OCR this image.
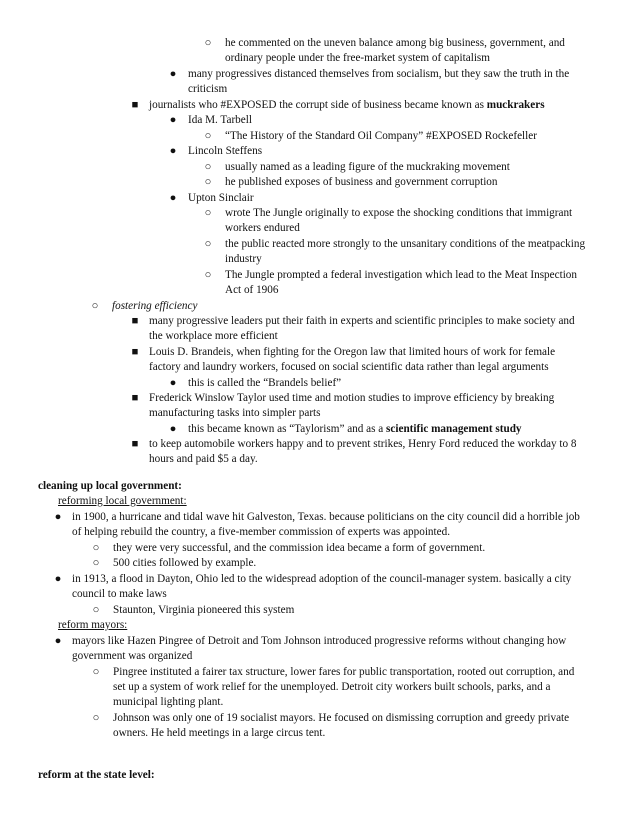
○ he commented on the uneven balance among big business, government, and
ordinary people under the free-market system of capitalism
● many progressives distanced themselves from socialism, but they saw the truth in the
criticism
■ journalists who #EXPOSED the corrupt side of business became known as muckrakers
● Ida M. Tarbell
○ “The History of the Standard Oil Company” #EXPOSED Rockefeller
● Lincoln Steffens
○ usually named as a leading figure of the muckraking movement
○ he published exposes of business and government corruption
● Upton Sinclair
○ wrote The Jungle originally to expose the shocking conditions that immigrant
workers endured
○ the public reacted more strongly to the unsanitary conditions of the meatpacking
industry
○ The Jungle prompted a federal investigation which lead to the Meat Inspection
Act of 1906
○ fostering efficiency
■ many progressive leaders put their faith in experts and scientific principles to make society and
the workplace more efficient
■ Louis D. Brandeis, when fighting for the Oregon law that limited hours of work for female
factory and laundry workers, focused on social scientific data rather than legal arguments
● this is called the “Brandels belief”
■ Frederick Winslow Taylor used time and motion studies to improve efficiency by breaking
manufacturing tasks into simpler parts
● this became known as “Taylorism” and as a scientific management study
■ to keep automobile workers happy and to prevent strikes, Henry Ford reduced the workday to 8
hours and paid $5 a day.
cleaning up local government:
reforming local government:
● in 1900, a hurricane and tidal wave hit Galveston, Texas. because politicians on the city council did a horrible job
of helping rebuild the country, a five-member commission of experts was appointed.
○ they were very successful, and the commission idea became a form of government.
○ 500 cities followed by example.
● in 1913, a flood in Dayton, Ohio led to the widespread adoption of the council-manager system. basically a city
council to make laws
○ Staunton, Virginia pioneered this system
reform mayors:
● mayors like Hazen Pingree of Detroit and Tom Johnson introduced progressive reforms without changing how
government was organized
○ Pingree instituted a fairer tax structure, lower fares for public transportation, rooted out corruption, and
set up a system of work relief for the unemployed. Detroit city workers built schools, parks, and a
municipal lighting plant.
○ Johnson was only one of 19 socialist mayors. He focused on dismissing corruption and greedy private
owners. He held meetings in a large circus tent.
reform at the state level:
